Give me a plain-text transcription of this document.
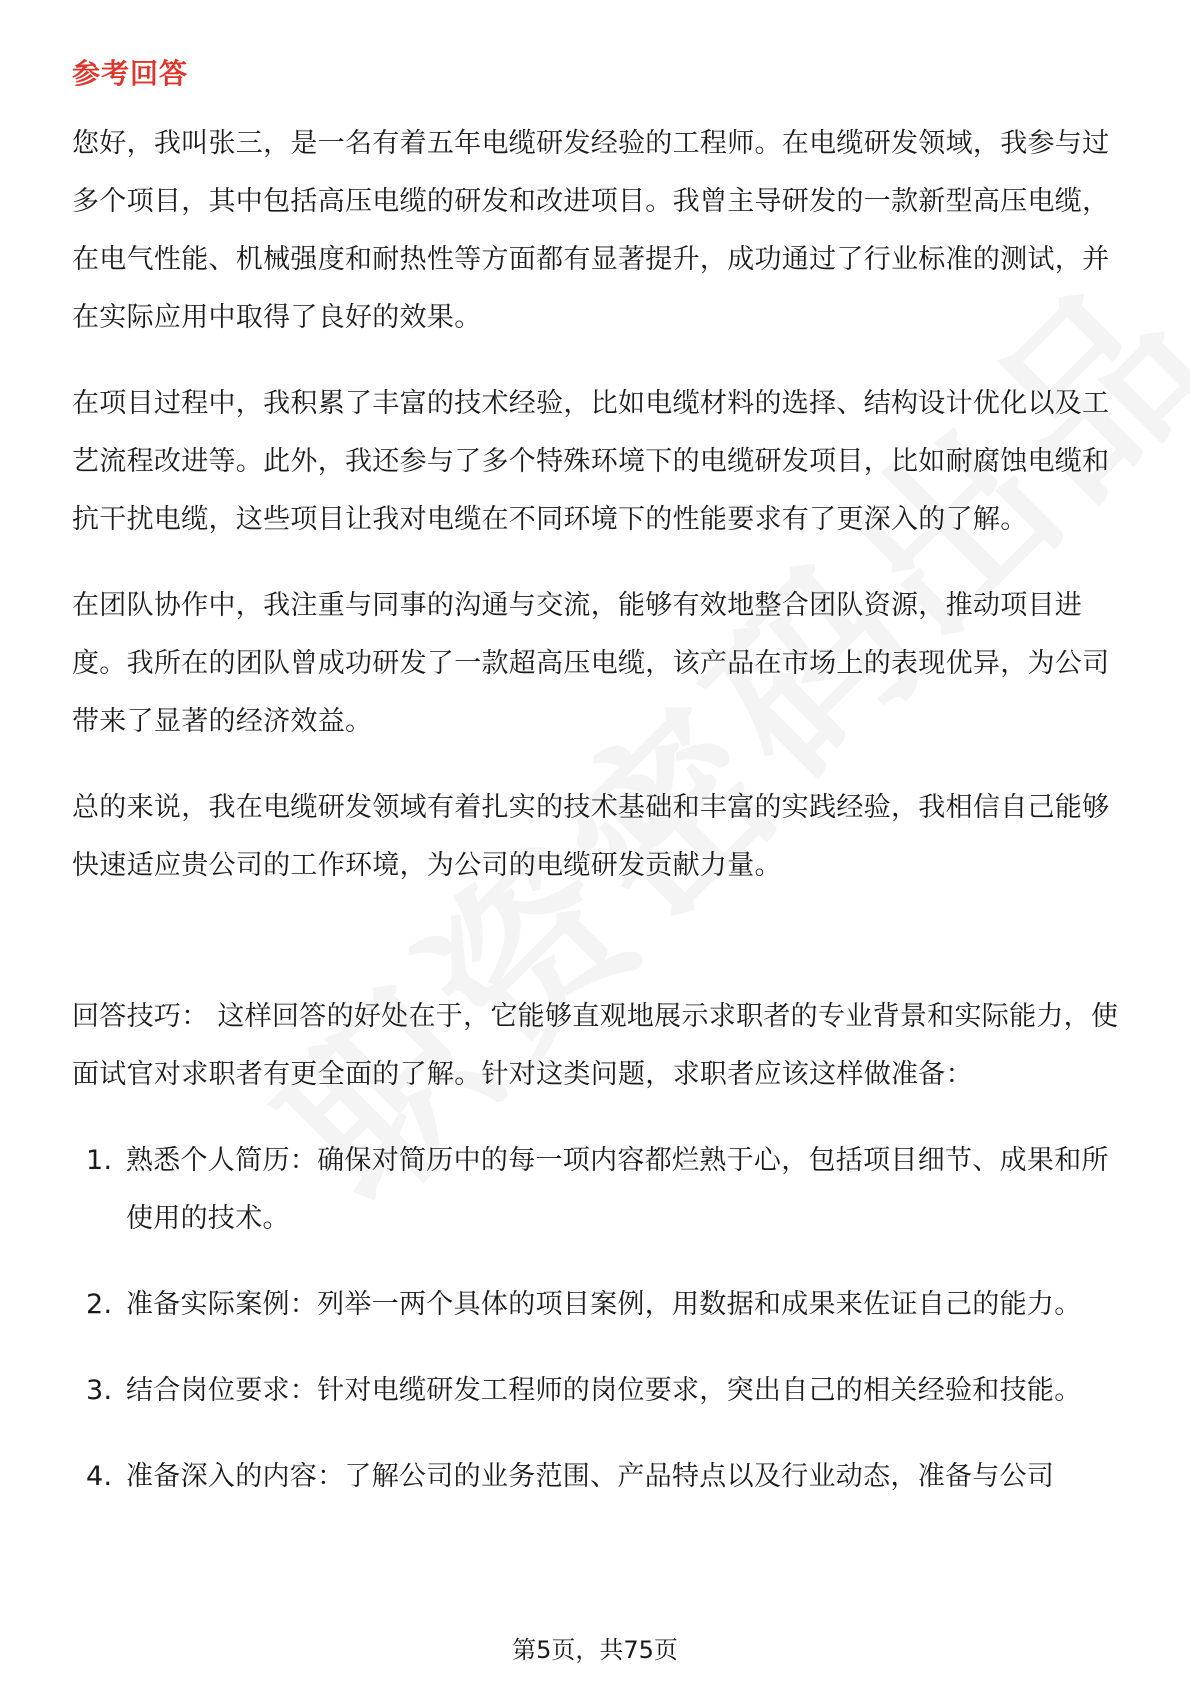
参考回答

您好，我叫张三，是一名有着五年电缆研发经验的工程师。在电缆研发领域，我参与过多个项目，其中包括高压电缆的研发和改进项目。我曾主导研发的一款新型高压电缆，在电气性能、机械强度和耐热性等方面都有显著提升，成功通过了行业标准的测试，并在实际应用中取得了良好的效果。

在项目过程中，我积累了丰富的技术经验，比如电缆材料的选择、结构设计优化以及工艺流程改进等。此外，我还参与了多个特殊环境下的电缆研发项目，比如耐腐蚀电缆和抗干扰电缆，这些项目让我对电缆在不同环境下的性能要求有了更深入的了解。

在团队协作中，我注重与同事的沟通与交流，能够有效地整合团队资源，推动项目进度。我所在的团队曾成功研发了一款超高压电缆，该产品在市场上的表现优异，为公司带来了显著的经济效益。

总的来说，我在电缆研发领域有着扎实的技术基础和丰富的实践经验，我相信自己能够快速适应贵公司的工作环境，为公司的电缆研发贡献力量。

回答技巧： 这样回答的好处在于，它能够直观地展示求职者的专业背景和实际能力，使面试官对求职者有更全面的了解。针对这类问题，求职者应该这样做准备：
1. 熟悉个人简历：确保对简历中的每一项内容都烂熟于心，包括项目细节、成果和所使用的技术。
2. 准备实际案例：列举一两个具体的项目案例，用数据和成果来佐证自己的能力。
3. 结合岗位要求：针对电缆研发工程师的岗位要求，突出自己的相关经验和技能。
4. 准备深入的内容：了解公司的业务范围、产品特点以及行业动态，准备与公司
第5页，共75页
